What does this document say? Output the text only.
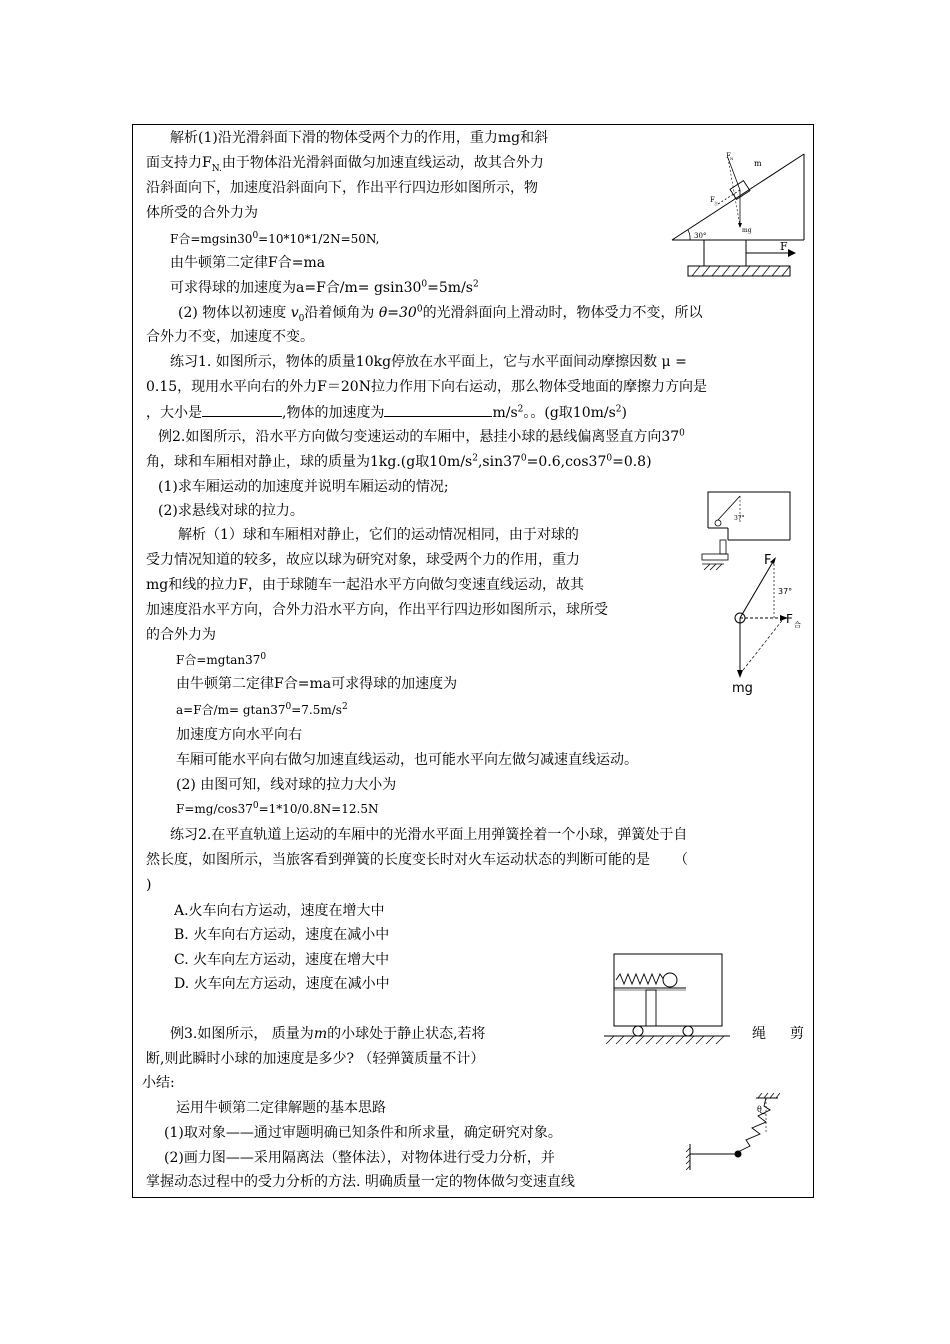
解析(1)沿光滑斜面下滑的物体受两个力的作用，重力mg和斜
面支持力$F_{N.}$由于物体沿光滑斜面做匀加速直线运动，故其合外力
沿斜面向下，加速度沿斜面向下，作出平行四边形如图所示，物
体所受的合外力为
F合$=mgsin30^0=10*10*1/2N=50N$,
由牛顿第二定律F合=ma
可求得球的加速度为a=F合$/m= gsin30^0=5m/s^2$
(2) 物体以初速度 $v_0$沿着倾角为 $\theta=30^0$的光滑斜面向上滑动时，物体受力不变，所以
合外力不变，加速度不变。
30°
F N
m
F 合
mg
F
练习1. 如图所示，物体的质量10kg停放在水平面上，它与水平面间动摩擦因数 μ =
0.15，现用水平向右的外力F＝20N拉力作用下向右运动，那么物体受地面的摩擦力方向是
，大小是	,物体的加速度为	$m/s^2$。。(g取$10m/s^2$)
例2.如图所示，沿水平方向做匀变速运动的车厢中，悬挂小球的悬线偏离竖直方向$37^0$
角，球和车厢相对静止，球的质量为1kg.(g取$10m/s^2,\sin 37^0=0.6,\cos 37^0=0.8$)
(1)求车厢运动的加速度并说明车厢运动的情况;
(2)求悬线对球的拉力。
解析（1）球和车厢相对静止，它们的运动情况相同，由于对球的
受力情况知道的较多，故应以球为研究对象，球受两个力的作用，重力
mg和线的拉力F，由于球随车一起沿水平方向做匀变速直线运动，故其
加速度沿水平方向，合外力沿水平方向，作出平行四边形如图所示，球所受
的合外力为
F合$=mgtan37^0$
由牛顿第二定律F合=ma可求得球的加速度为
a=F合$/m= gtan37^0=7.5m/s^2$
加速度方向水平向右
车厢可能水平向右做匀加速直线运动，也可能水平向左做匀减速直线运动。
(2) 由图可知，线对球的拉力大小为
$F=mg/\cos 37^0=1*10/0.8N=12.5N$
37°
F
37°
F 合
mg
练习2.在平直轨道上运动的车厢中的光滑水平面上用弹簧拴着一个小球，弹簧处于自
然长度，如图所示，当旅客看到弹簧的长度变长时对火车运动状态的判断可能的是 （
)
A.火车向右方运动，速度在增大中
B. 火车向右方运动，速度在减小中
C. 火车向左方运动，速度在增大中
D. 火车向左方运动，速度在减小中
例3.如图所示， 质量为m的小球处于静止状态,若将	绳 剪
断,则此瞬时小球的加速度是多少? （轻弹簧质量不计）
小结:
运用牛顿第二定律解题的基本思路
(1)取对象——通过审题明确已知条件和所求量，确定研究对象。
(2)画力图——采用隔离法（整体法），对物体进行受力分析，并
掌握动态过程中的受力分析的方法. 明确质量一定的物体做匀变速直线
θ
